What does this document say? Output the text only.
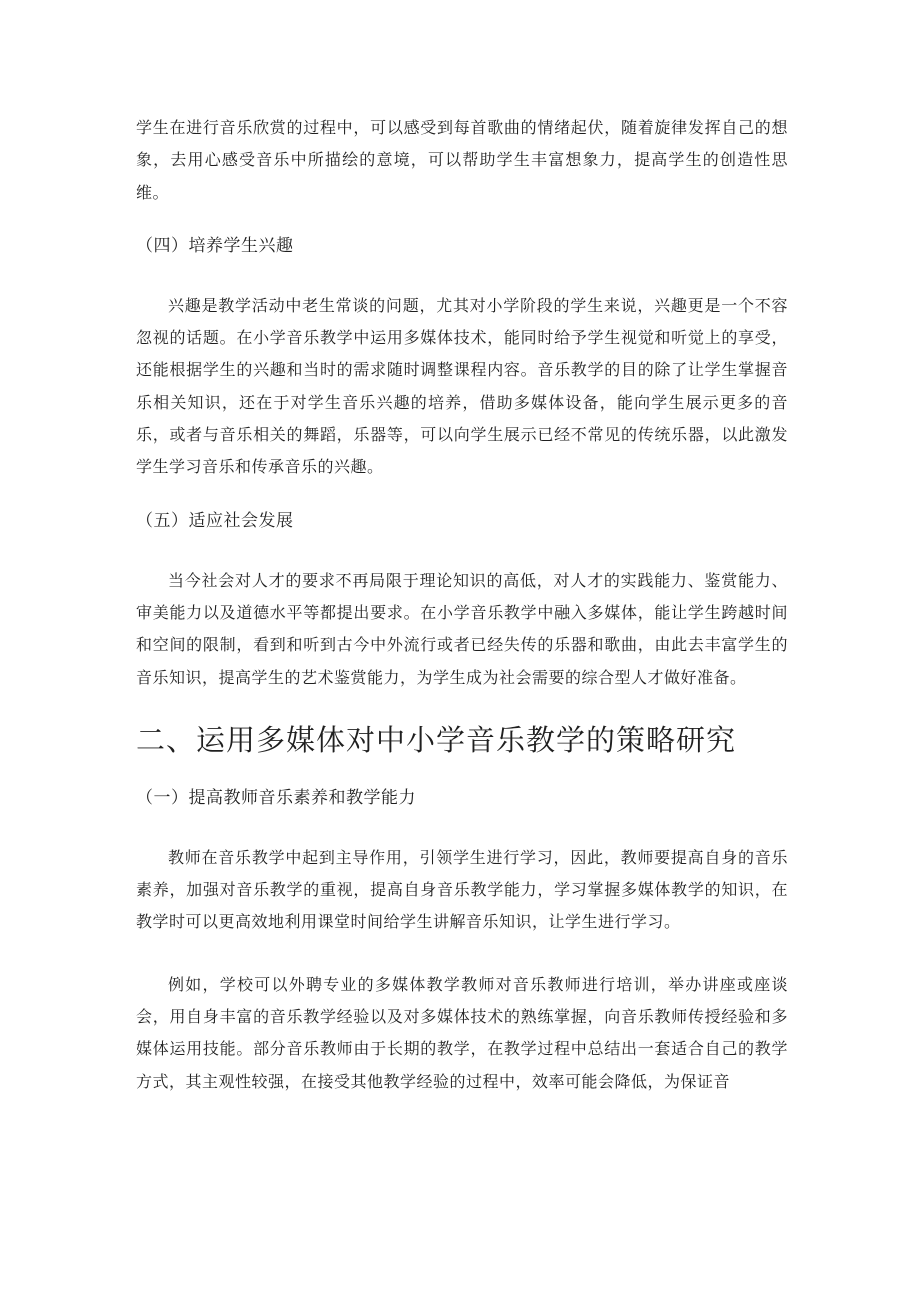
学生在进行音乐欣赏的过程中，可以感受到每首歌曲的情绪起伏，随着旋律发挥自己的想象，去用心感受音乐中所描绘的意境，可以帮助学生丰富想象力，提高学生的创造性思维。

（四）培养学生兴趣

兴趣是教学活动中老生常谈的问题，尤其对小学阶段的学生来说，兴趣更是一个不容忽视的话题。在小学音乐教学中运用多媒体技术，能同时给予学生视觉和听觉上的享受，还能根据学生的兴趣和当时的需求随时调整课程内容。音乐教学的目的除了让学生掌握音乐相关知识，还在于对学生音乐兴趣的培养，借助多媒体设备，能向学生展示更多的音乐，或者与音乐相关的舞蹈，乐器等，可以向学生展示已经不常见的传统乐器，以此激发学生学习音乐和传承音乐的兴趣。

（五）适应社会发展

当今社会对人才的要求不再局限于理论知识的高低，对人才的实践能力、鉴赏能力、审美能力以及道德水平等都提出要求。在小学音乐教学中融入多媒体，能让学生跨越时间和空间的限制，看到和听到古今中外流行或者已经失传的乐器和歌曲，由此去丰富学生的音乐知识，提高学生的艺术鉴赏能力，为学生成为社会需要的综合型人才做好准备。

二、运用多媒体对中小学音乐教学的策略研究
（一）提高教师音乐素养和教学能力

教师在音乐教学中起到主导作用，引领学生进行学习，因此，教师要提高自身的音乐素养，加强对音乐教学的重视，提高自身音乐教学能力，学习掌握多媒体教学的知识，在教学时可以更高效地利用课堂时间给学生讲解音乐知识，让学生进行学习。

例如，学校可以外聘专业的多媒体教学教师对音乐教师进行培训，举办讲座或座谈会，用自身丰富的音乐教学经验以及对多媒体技术的熟练掌握，向音乐教师传授经验和多媒体运用技能。部分音乐教师由于长期的教学，在教学过程中总结出一套适合自己的教学方式，其主观性较强，在接受其他教学经验的过程中，效率可能会降低，为保证音
